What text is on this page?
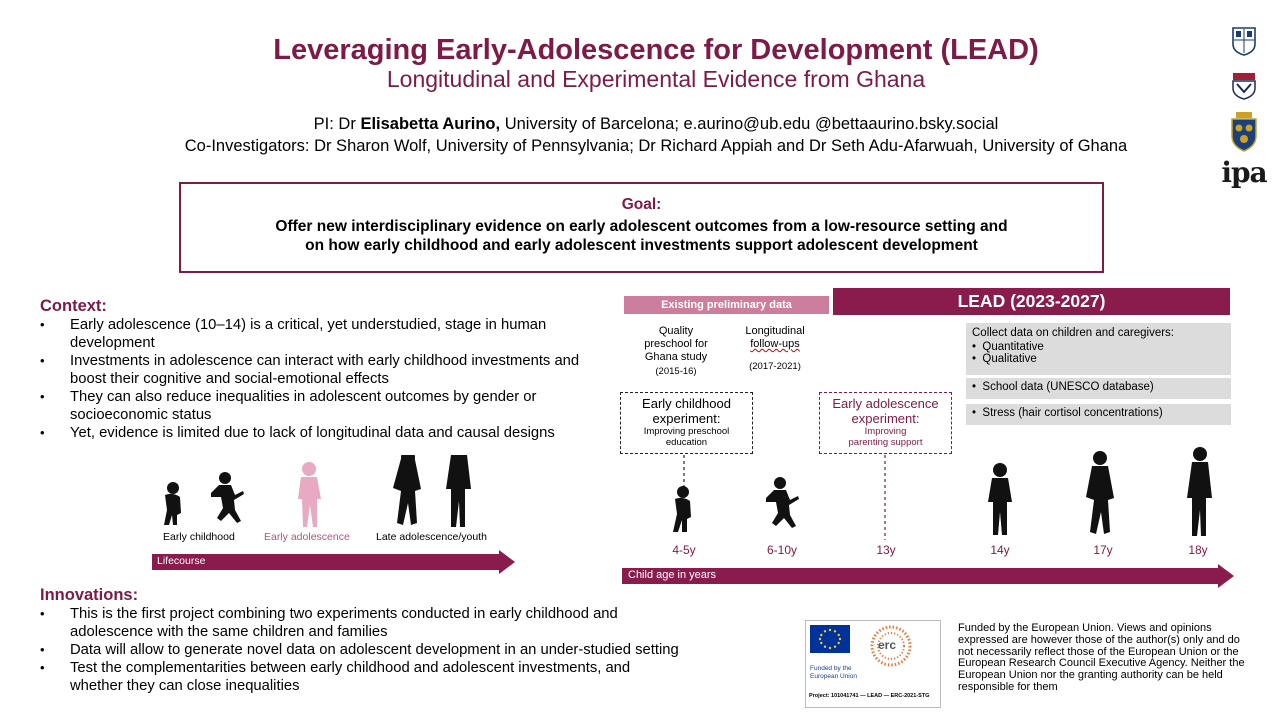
Leveraging Early-Adolescence for Development (LEAD)
Longitudinal and Experimental Evidence from Ghana
PI: Dr Elisabetta Aurino, University of Barcelona; e.aurino@ub.edu @bettaaurino.bsky.social
Co-Investigators: Dr Sharon Wolf, University of Pennsylvania; Dr Richard Appiah and Dr Seth Adu-Afarwuah, University of Ghana
ipa
Goal:
Offer new interdisciplinary evidence on early adolescent outcomes from a low-resource setting and
on how early childhood and early adolescent investments support adolescent development
Context:
• Early adolescence (10–14) is a critical, yet understudied, stage in human development
• Investments in adolescence can interact with early childhood investments and boost their cognitive and social-emotional effects
• They can also reduce inequalities in adolescent outcomes by gender or socioeconomic status
• Yet, evidence is limited due to lack of longitudinal data and causal designs
Early childhood	Early adolescence Late adolescence/youth
Lifecourse
Innovations:
• This is the first project combining two experiments conducted in early childhood and adolescence with the same children and families
• Data will allow to generate novel data on adolescent development in an under-studied setting
• Test the complementarities between early childhood and adolescent investments, and whether they can close inequalities
Existing preliminary data	LEAD (2023-2027)
Quality
preschool for
Ghana study
(2015-16)
Longitudinal
follow-ups
(2017-2021)
Collect data on children and caregivers:
•  Quantitative
•  Qualitative
•  School data (UNESCO database)
•  Stress (hair cortisol concentrations)
Early childhood
experiment:
Improving preschool
education
Early adolescence
experiment:
Improving
parenting support
4-5y	6-10y	13y	14y	17y	18y
Child age in years
Funded by the
European Union
erc
Project: 101041741 — LEAD — ERC-2021-STG
Funded by the European Union. Views and opinions expressed are however those of the author(s) only and do not necessarily reflect those of the European Union or the European Research Council Executive Agency. Neither the European Union nor the granting authority can be held responsible for them
